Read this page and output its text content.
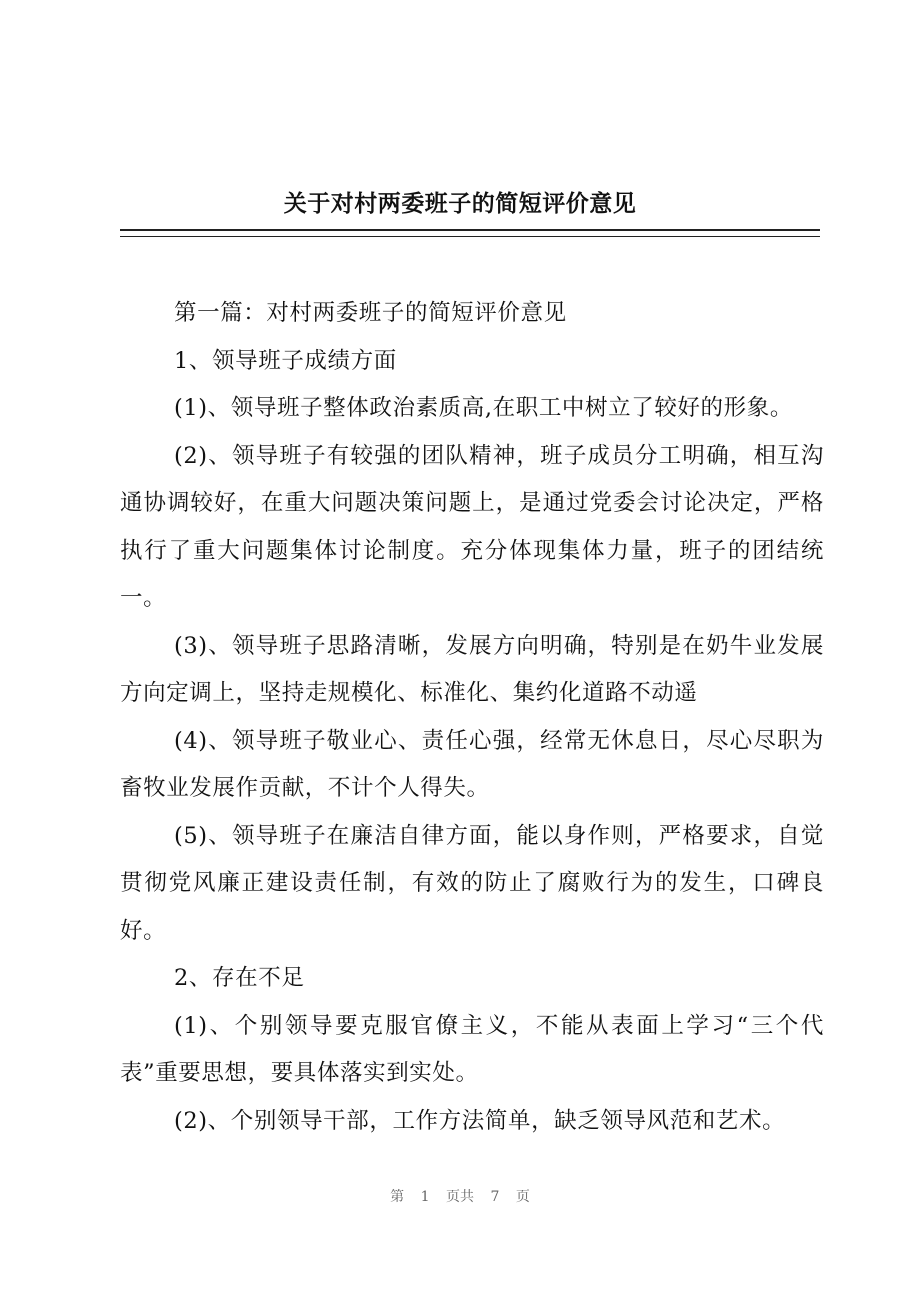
关于对村两委班子的简短评价意见

第一篇：对村两委班子的简短评价意见

1、领导班子成绩方面

(1)、领导班子整体政治素质高,在职工中树立了较好的形象。

(2)、领导班子有较强的团队精神，班子成员分工明确，相互沟通协调较好，在重大问题决策问题上，是通过党委会讨论决定，严格执行了重大问题集体讨论制度。充分体现集体力量，班子的团结统一。

(3)、领导班子思路清晰，发展方向明确，特别是在奶牛业发展方向定调上，坚持走规模化、标准化、集约化道路不动遥

(4)、领导班子敬业心、责任心强，经常无休息日，尽心尽职为畜牧业发展作贡献，不计个人得失。

(5)、领导班子在廉洁自律方面，能以身作则，严格要求，自觉贯彻党风廉正建设责任制，有效的防止了腐败行为的发生，口碑良好。

2、存在不足

(1)、个别领导要克服官僚主义，不能从表面上学习“三个代表”重要思想，要具体落实到实处。

(2)、个别领导干部，工作方法简单，缺乏领导风范和艺术。

第 1 页共 7 页
